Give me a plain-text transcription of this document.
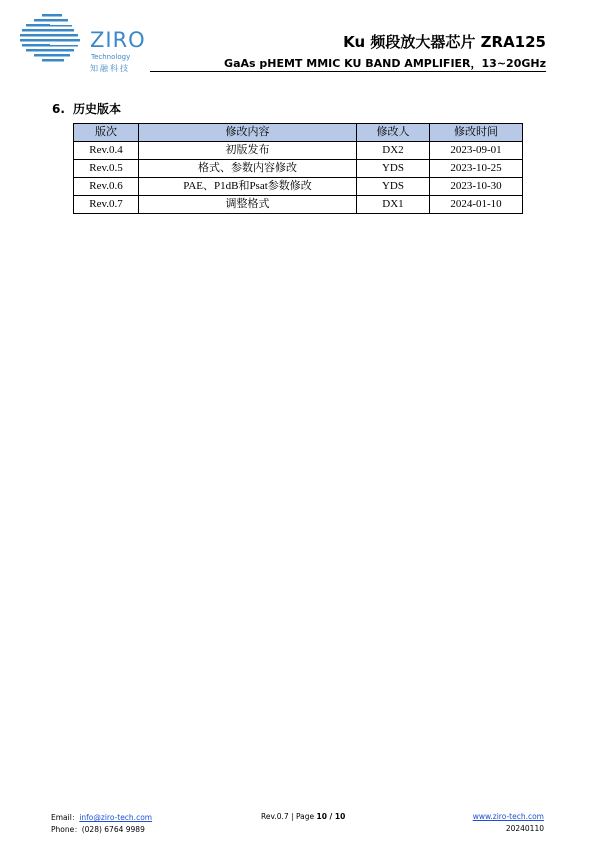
ZIRO
Technology
知融科技
Ku 频段放大器芯片 ZRA125
GaAs pHEMT MMIC KU BAND AMPLIFIER，13~20GHz
6. 历史版本
版次	修改内容	修改人	修改时间
Rev.0.4	初版发布	DX2	2023-09-01
Rev.0.5	格式、参数内容修改	YDS	2023-10-25
Rev.0.6	PAE、P1dB和Psat参数修改	YDS	2023-10-30
Rev.0.7	调整格式	DX1	2024-01-10
Email：info@ziro-tech.com
Phone：(028) 6764 9989
Rev.0.7 | Page 10 / 10	www.ziro-tech.com
20240110
